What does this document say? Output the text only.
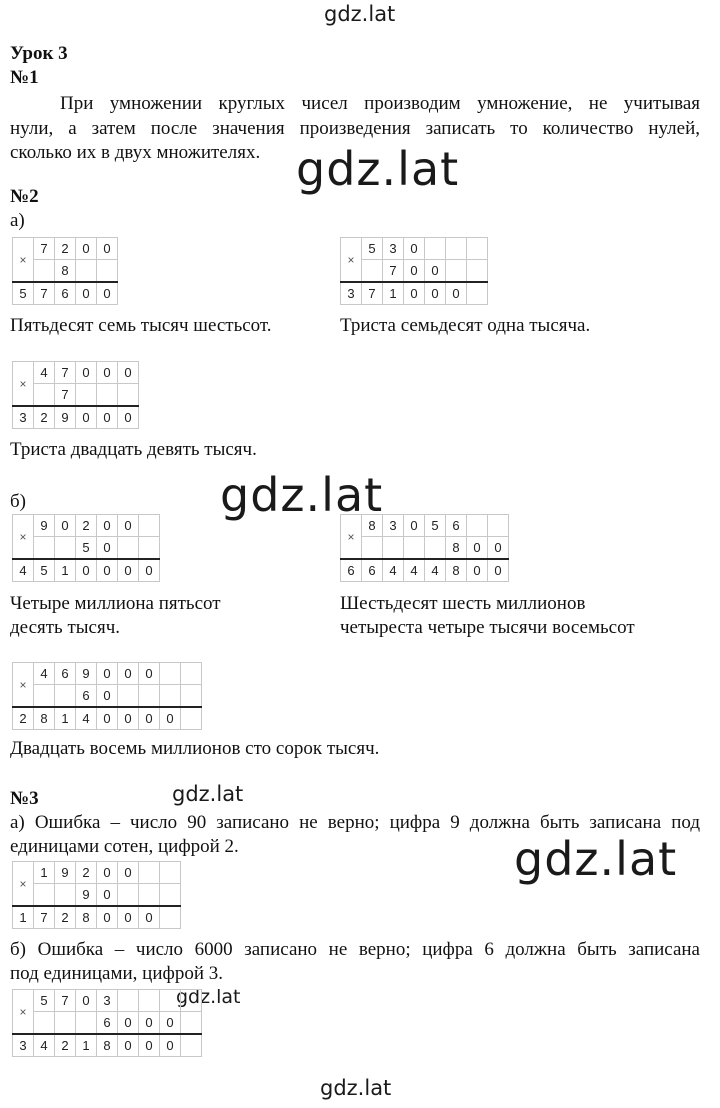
gdz.lat
gdz.lat
gdz.lat
gdz.lat
gdz.lat
gdz.lat
gdz.lat
Урок 3
№1
При умножении круглых чисел производим умножение, не учитывая
нули, а затем после значения произведения записать то количество нулей,
сколько их в двух множителях.
№2
а)
×	7	2	0	0
		8		
5	7	6	0	0
×	5	3	0			
		7	0	0		
3	7	1	0	0	0	
Пятьдесят семь тысяч шестьсот.	Триста семьдесят одна тысяча.
×	4	7	0	0	0
		7			
3	2	9	0	0	0
Триста двадцать девять тысяч.
б)
×	9	0	2	0	0	
			5	0		
4	5	1	0	0	0	0
×	8	3	0	5	6		
					8	0	0
6	6	4	4	4	8	0	0
Четыре миллиона пятьсот
десять тысяч.
Шестьдесят шесть миллионов
четыреста четыре тысячи восемьсот
×	4	6	9	0	0	0		
			6	0				
2	8	1	4	0	0	0	0	
Двадцать восемь миллионов сто сорок тысяч.
№3
а) Ошибка – число 90 записано не верно; цифра 9 должна быть записана под
единицами сотен, цифрой 2.
×	1	9	2	0	0		
			9	0			
1	7	2	8	0	0	0	
б) Ошибка – число 6000 записано не верно; цифра 6 должна быть записана
под единицами, цифрой 3.
×	5	7	0	3				
				6	0	0	0	
3	4	2	1	8	0	0	0	
